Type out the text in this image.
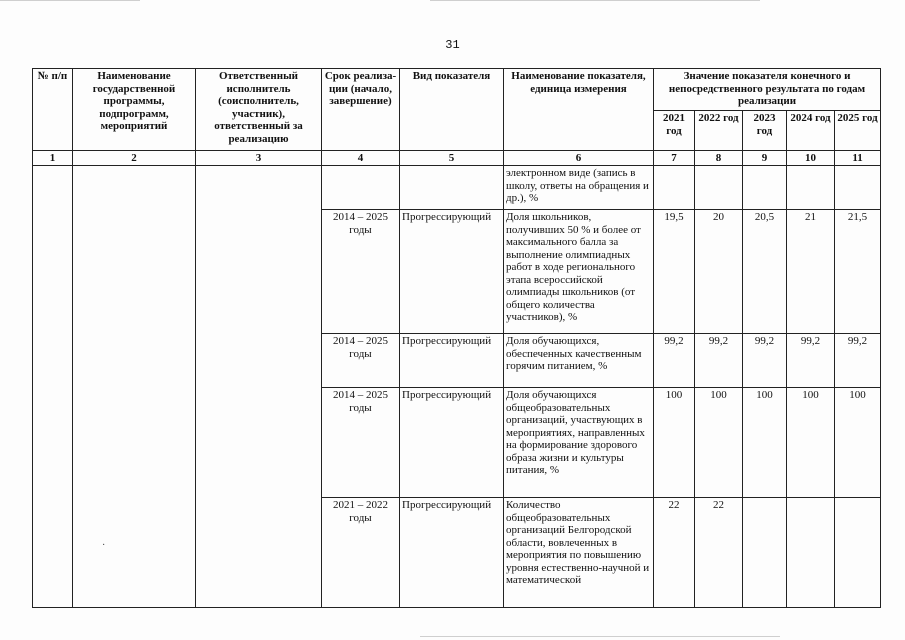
31
№ п/п	Наименование государственной программы, подпрограмм, мероприятий	Ответственный исполнитель (соисполнитель, участник), ответственный за реализацию	Срок реализа-ции (начало, завершение)	Вид показателя	Наименование показателя, единица измерения	Значение показателя конечного и непосредственного результата по годам реализации				
						2021 год	2022 год	2023 год	2024 год	2025 год
1	2	3	4	5	6	7	8	9	10	11
					электронном виде (запись в школу, ответы на обращения и др.), %					
			2014 – 2025 годы	Прогрессирующий	Доля школьников, получивших 50 % и более от максимального балла за выполнение олимпиадных работ в ходе регионального этапа всероссийской олимпиады школьников (от общего количества участников), %	19,5	20	20,5	21	21,5
			2014 – 2025 годы	Прогрессирующий	Доля обучающихся, обеспеченных качественным горячим питанием, %	99,2	99,2	99,2	99,2	99,2
			2014 – 2025 годы	Прогрессирующий	Доля обучающихся общеобразовательных организаций, участвующих в мероприятиях, направленных на формирование здорового образа жизни и культуры питания, %	100	100	100	100	100
			2021 – 2022 годы	Прогрессирующий	Количество общеобразовательных организаций Белгородской области, вовлеченных в мероприятия по повышению уровня естественно-научной и математической	22	22			
·
